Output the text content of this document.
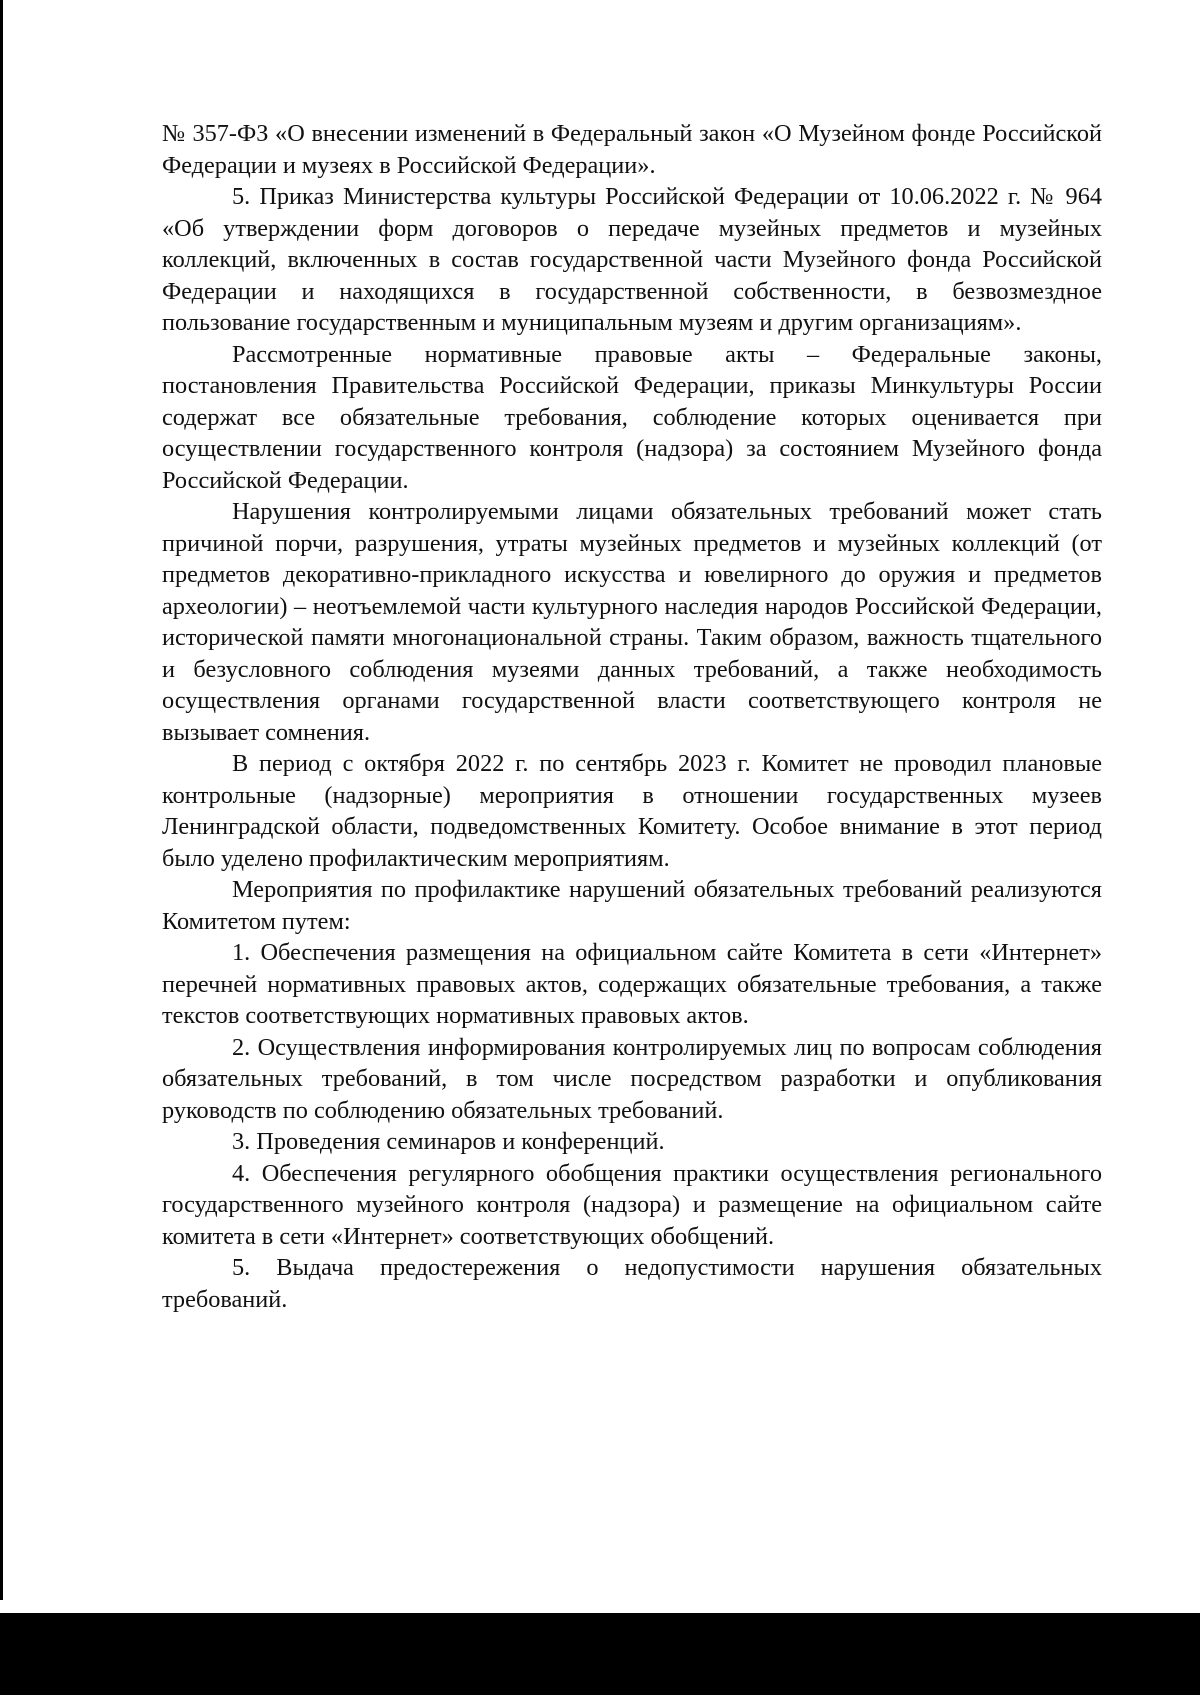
№ 357-ФЗ «О внесении изменений в Федеральный закон «О Музейном фонде Российской Федерации и музеях в Российской Федерации».

5. Приказ Министерства культуры Российской Федерации от 10.06.2022 г. № 964 «Об утверждении форм договоров о передаче музейных предметов и музейных коллекций, включенных в состав государственной части Музейного фонда Российской Федерации и находящихся в государственной собственности, в безвозмездное пользование государственным и муниципальным музеям и другим организациям».

Рассмотренные нормативные правовые акты – Федеральные законы, постановления Правительства Российской Федерации, приказы Минкультуры России содержат все обязательные требования, соблюдение которых оценивается при осуществлении государственного контроля (надзора) за состоянием Музейного фонда Российской Федерации.

Нарушения контролируемыми лицами обязательных требований может стать причиной порчи, разрушения, утраты музейных предметов и музейных коллекций (от предметов декоративно-прикладного искусства и ювелирного до оружия и предметов археологии) – неотъемлемой части культурного наследия народов Российской Федерации, исторической памяти многонациональной страны. Таким образом, важность тщательного и безусловного соблюдения музеями данных требований, а также необходимость осуществления органами государственной власти соответствующего контроля не вызывает сомнения.

В период с октября 2022 г. по сентябрь 2023 г. Комитет не проводил плановые контрольные (надзорные) мероприятия в отношении государственных музеев Ленинградской области, подведомственных Комитету. Особое внимание в этот период было уделено профилактическим мероприятиям.

Мероприятия по профилактике нарушений обязательных требований реализуются Комитетом путем:

1. Обеспечения размещения на официальном сайте Комитета в сети «Интернет» перечней нормативных правовых актов, содержащих обязательные требования, а также текстов соответствующих нормативных правовых актов.

2. Осуществления информирования контролируемых лиц по вопросам соблюдения обязательных требований, в том числе посредством разработки и опубликования руководств по соблюдению обязательных требований.

3. Проведения семинаров и конференций.

4. Обеспечения регулярного обобщения практики осуществления регионального государственного музейного контроля (надзора) и размещение на официальном сайте комитета в сети «Интернет» соответствующих обобщений.

5. Выдача предостережения о недопустимости нарушения обязательных требований.
